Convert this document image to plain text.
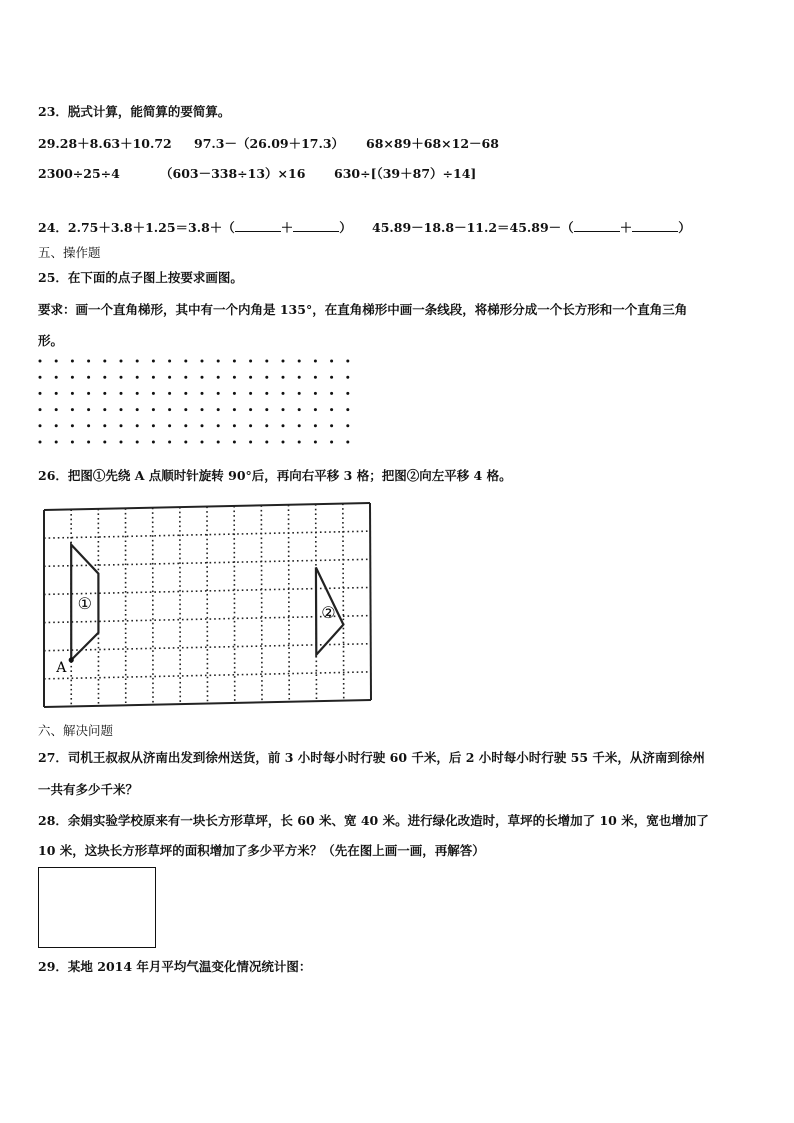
23．脱式计算，能简算的要简算。
29.28＋8.63＋10.72 97.3－（26.09＋17.3） 68×89＋68×12－68
2300÷25÷4	（603－338÷13）×16 630÷[（39＋87）÷14]
24．2.75＋3.8＋1.25＝3.8＋（	＋	） 45.89－18.8－11.2＝45.89－（	＋	）
五、操作题
25．在下面的点子图上按要求画图。
要求：画一个直角梯形，其中有一个内角是 135°，在直角梯形中画一条线段，将梯形分成一个长方形和一个直角三角
形。
26．把图①先绕 A 点顺时针旋转 90°后，再向右平移 3 格；把图②向左平移 4 格。
①	②
A
六、解决问题
27．司机王叔叔从济南出发到徐州送货，前 3 小时每小时行驶 60 千米，后 2 小时每小时行驶 55 千米，从济南到徐州
一共有多少千米？
28．余娟实验学校原来有一块长方形草坪，长 60 米、宽 40 米。进行绿化改造时，草坪的长增加了 10 米，宽也增加了
10 米，这块长方形草坪的面积增加了多少平方米？（先在图上画一画，再解答）
29．某地 2014 年月平均气温变化情况统计图：
